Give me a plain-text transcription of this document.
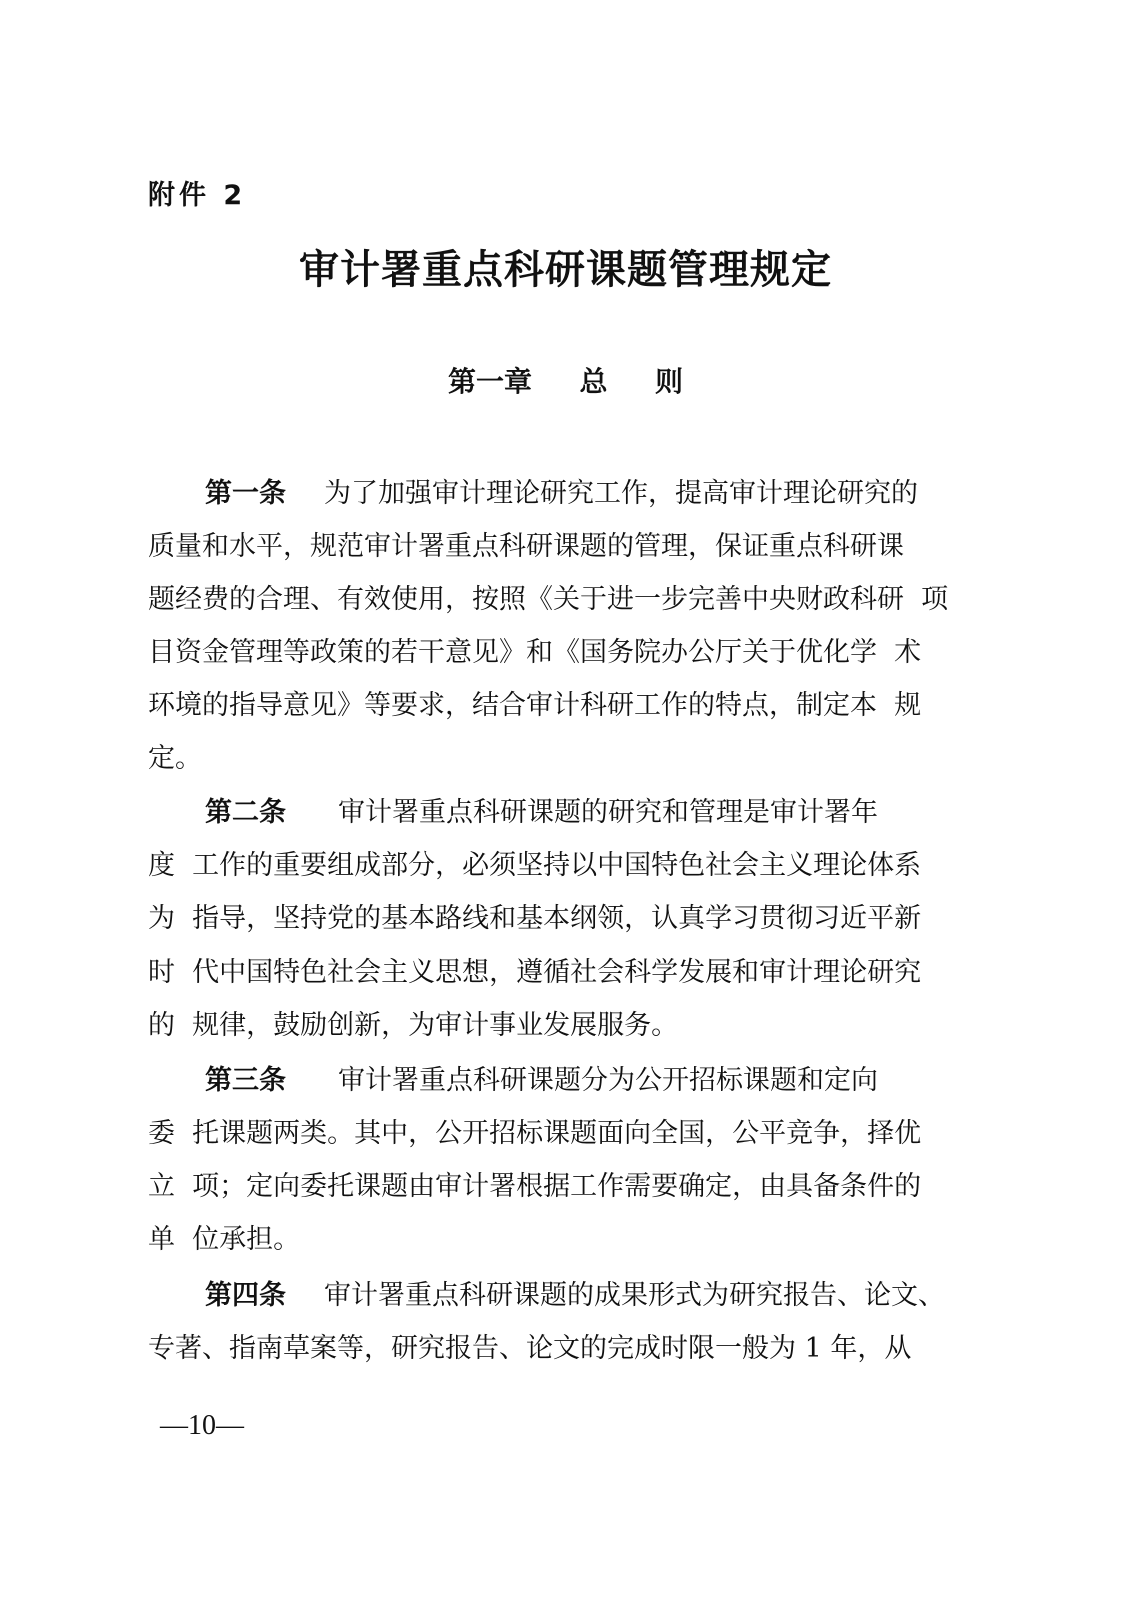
附件 2
审计署重点科研课题管理规定
第一章　  总　  则
第一条 为了加强审计理论研究工作，提高审计理论研究的
质量和水平，规范审计署重点科研课题的管理，保证重点科研课
题经费的合理、有效使用，按照《关于进一步完善中央财政科研  项
目资金管理等政策的若干意见》和《国务院办公厅关于优化学  术
环境的指导意见》等要求，结合审计科研工作的特点，制定本  规
定。
第二条 审计署重点科研课题的研究和管理是审计署年
度  工作的重要组成部分，必须坚持以中国特色社会主义理论体系
为  指导，坚持党的基本路线和基本纲领，认真学习贯彻习近平新
时  代中国特色社会主义思想，遵循社会科学发展和审计理论研究
的  规律，鼓励创新，为审计事业发展服务。
第三条 审计署重点科研课题分为公开招标课题和定向
委  托课题两类。其中，公开招标课题面向全国，公平竞争，择优
立  项；定向委托课题由审计署根据工作需要确定，由具备条件的
单  位承担。
第四条 审计署重点科研课题的成果形式为研究报告、论文、
专著、指南草案等，研究报告、论文的完成时限一般为 1 年，从
—10—
